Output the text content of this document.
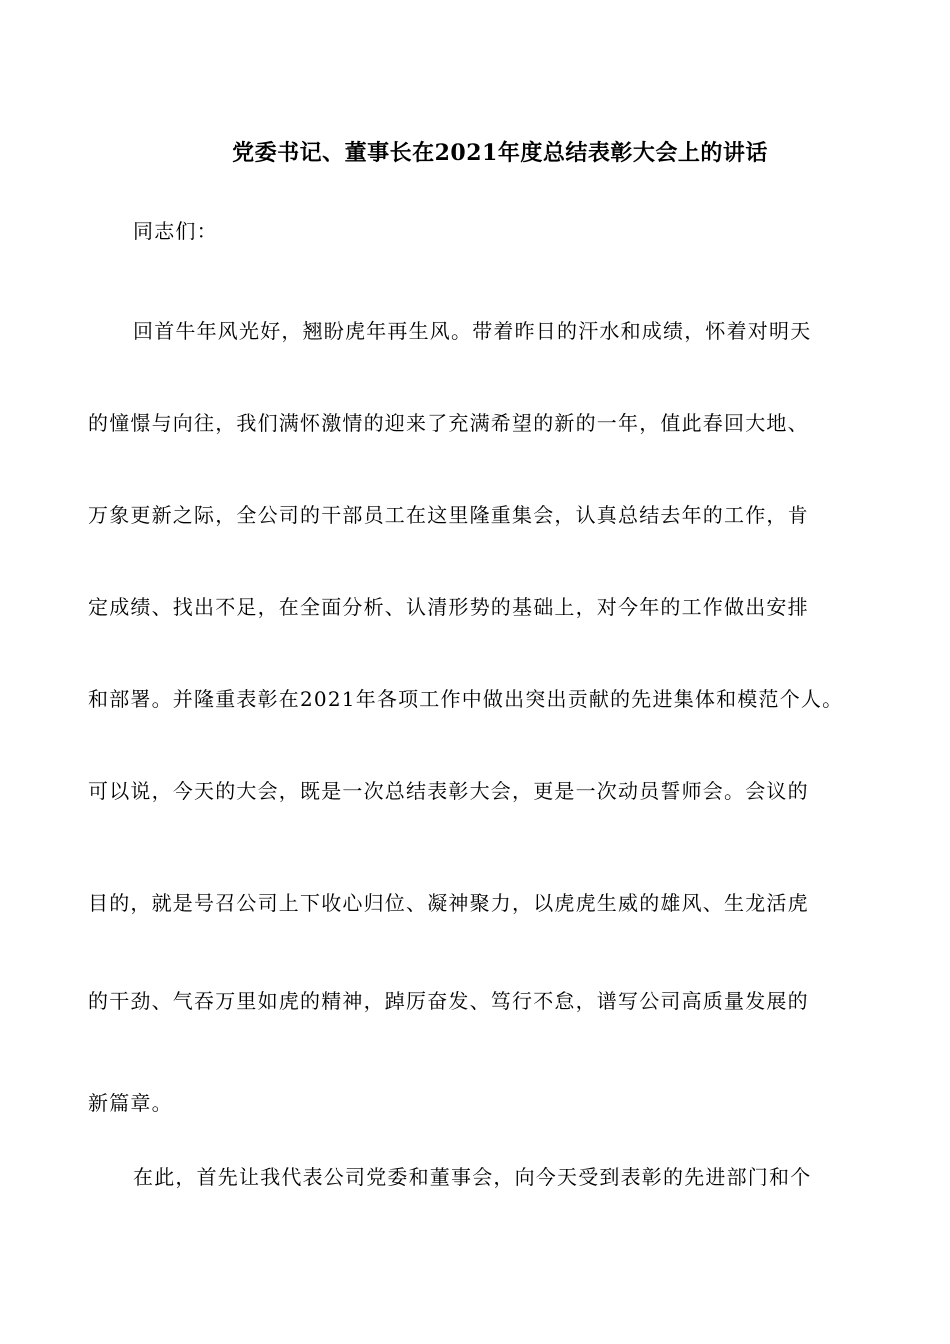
党委书记、董事长在2021年度总结表彰大会上的讲话
同志们：
回首牛年风光好，翘盼虎年再生风。带着昨日的汗水和成绩，怀着对明天
的憧憬与向往，我们满怀激情的迎来了充满希望的新的一年，值此春回大地、
万象更新之际，全公司的干部员工在这里隆重集会，认真总结去年的工作，肯
定成绩、找出不足，在全面分析、认清形势的基础上，对今年的工作做出安排
和部署。并隆重表彰在2021年各项工作中做出突出贡献的先进集体和模范个人。
可以说，今天的大会，既是一次总结表彰大会，更是一次动员誓师会。会议的
目的，就是号召公司上下收心归位、凝神聚力，以虎虎生威的雄风、生龙活虎
的干劲、气吞万里如虎的精神，踔厉奋发、笃行不怠，谱写公司高质量发展的
新篇章。
在此，首先让我代表公司党委和董事会，向今天受到表彰的先进部门和个
